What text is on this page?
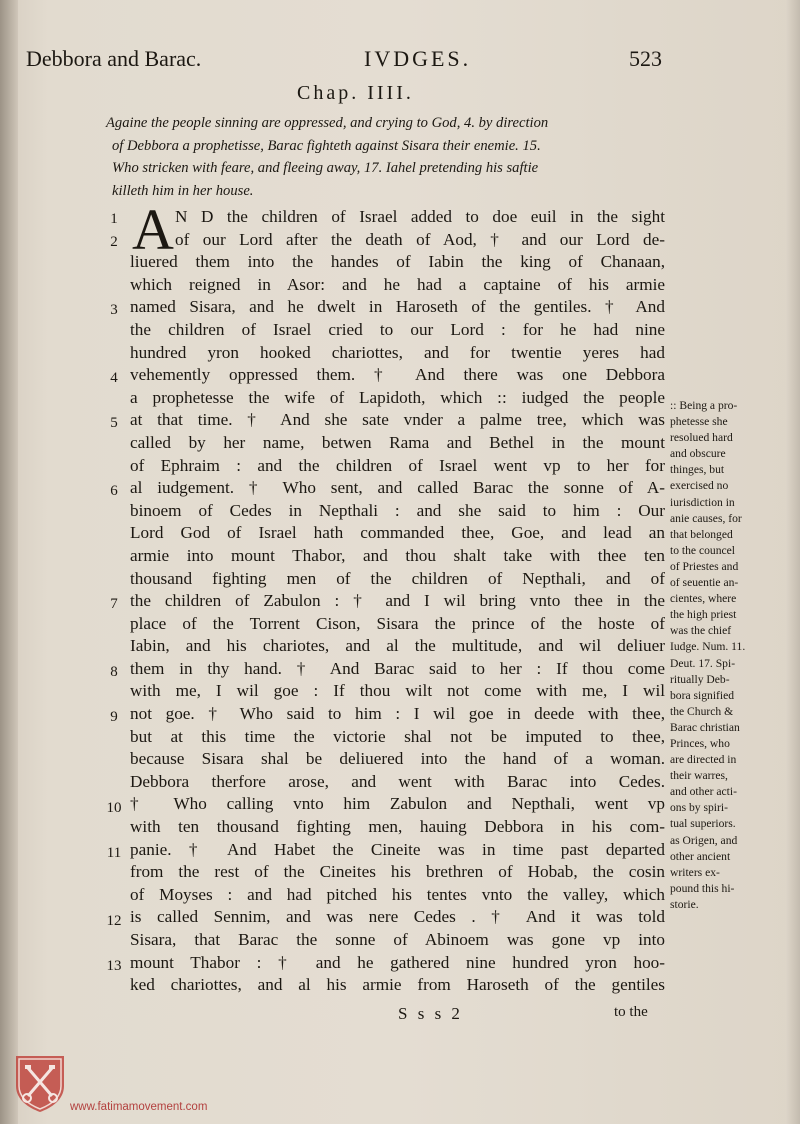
Debbora and Barac.	IVDGES.	523
Chap. IIII.
Againe the people sinning are oppressed, and crying to God, 4. by direction
of Debbora a prophetisse, Barac fighteth against Sisara their enemie. 15.
Who stricken with feare, and fleeing away, 17. Iahel pretending his saftie
killeth him in her house.
A N D the children of Israel added to doe euil in the sight
of our Lord after the death of Aod, † and our Lord de-
liuered them into the handes of Iabin the king of Chanaan,
which reigned in Asor: and he had a captaine of his armie
named Sisara, and he dwelt in Haroseth of the gentiles. † And
the children of Israel cried to our Lord : for he had nine
hundred yron hooked chariottes, and for twentie yeres had
vehemently oppressed them. † And there was one Debbora
a prophetesse the wife of Lapidoth, which :: iudged the people
at that time. † And she sate vnder a palme tree, which was
called by her name, betwen Rama and Bethel in the mount
of Ephraim : and the children of Israel went vp to her for
al iudgement. † Who sent, and called Barac the sonne of A-
binoem of Cedes in Nepthali : and she said to him : Our
Lord God of Israel hath commanded thee, Goe, and lead an
armie into mount Thabor, and thou shalt take with thee ten
thousand fighting men of the children of Nepthali, and of
the children of Zabulon : † and I wil bring vnto thee in the
place of the Torrent Cison, Sisara the prince of the hoste of
Iabin, and his chariotes, and al the multitude, and wil deliuer
them in thy hand. † And Barac said to her : If thou come
with me, I wil goe : If thou wilt not come with me, I wil
not goe. † Who said to him : I wil goe in deede with thee,
but at this time the victorie shal not be imputed to thee,
because Sisara shal be deliuered into the hand of a woman.
Debbora therfore arose, and went with Barac into Cedes.
† Who calling vnto him Zabulon and Nepthali, went vp
with ten thousand fighting men, hauing Debbora in his com-
panie. † And Habet the Cineite was in time past departed
from the rest of the Cineites his brethren of Hobab, the cosin
of Moyses : and had pitched his tentes vnto the valley, which
is called Sennim, and was nere Cedes . † And it was told
Sisara, that Barac the sonne of Abinoem was gone vp into
mount Thabor : † and he gathered nine hundred yron hoo-
ked chariottes, and al his armie from Haroseth of the gentiles
1
2
3
4
5
6
7
8
9
10
11
12
13
:: Being a pro-
phetesse she
resolued hard
and obscure
thinges, but
exercised no
iurisdiction in
anie causes, for
that belonged
to the councel
of Priestes and
of seuentie an-
cientes, where
the high priest
was the chief
Iudge. Num. 11.
Deut. 17. Spi-
ritually Deb-
bora signified
the Church &
Barac christian
Princes, who
are directed in
their warres,
and other acti-
ons by spiri-
tual superiors.
as Origen, and
other ancient
writers ex-
pound this hi-
storie.
S s s 2	to the
www.fatimamovement.com
